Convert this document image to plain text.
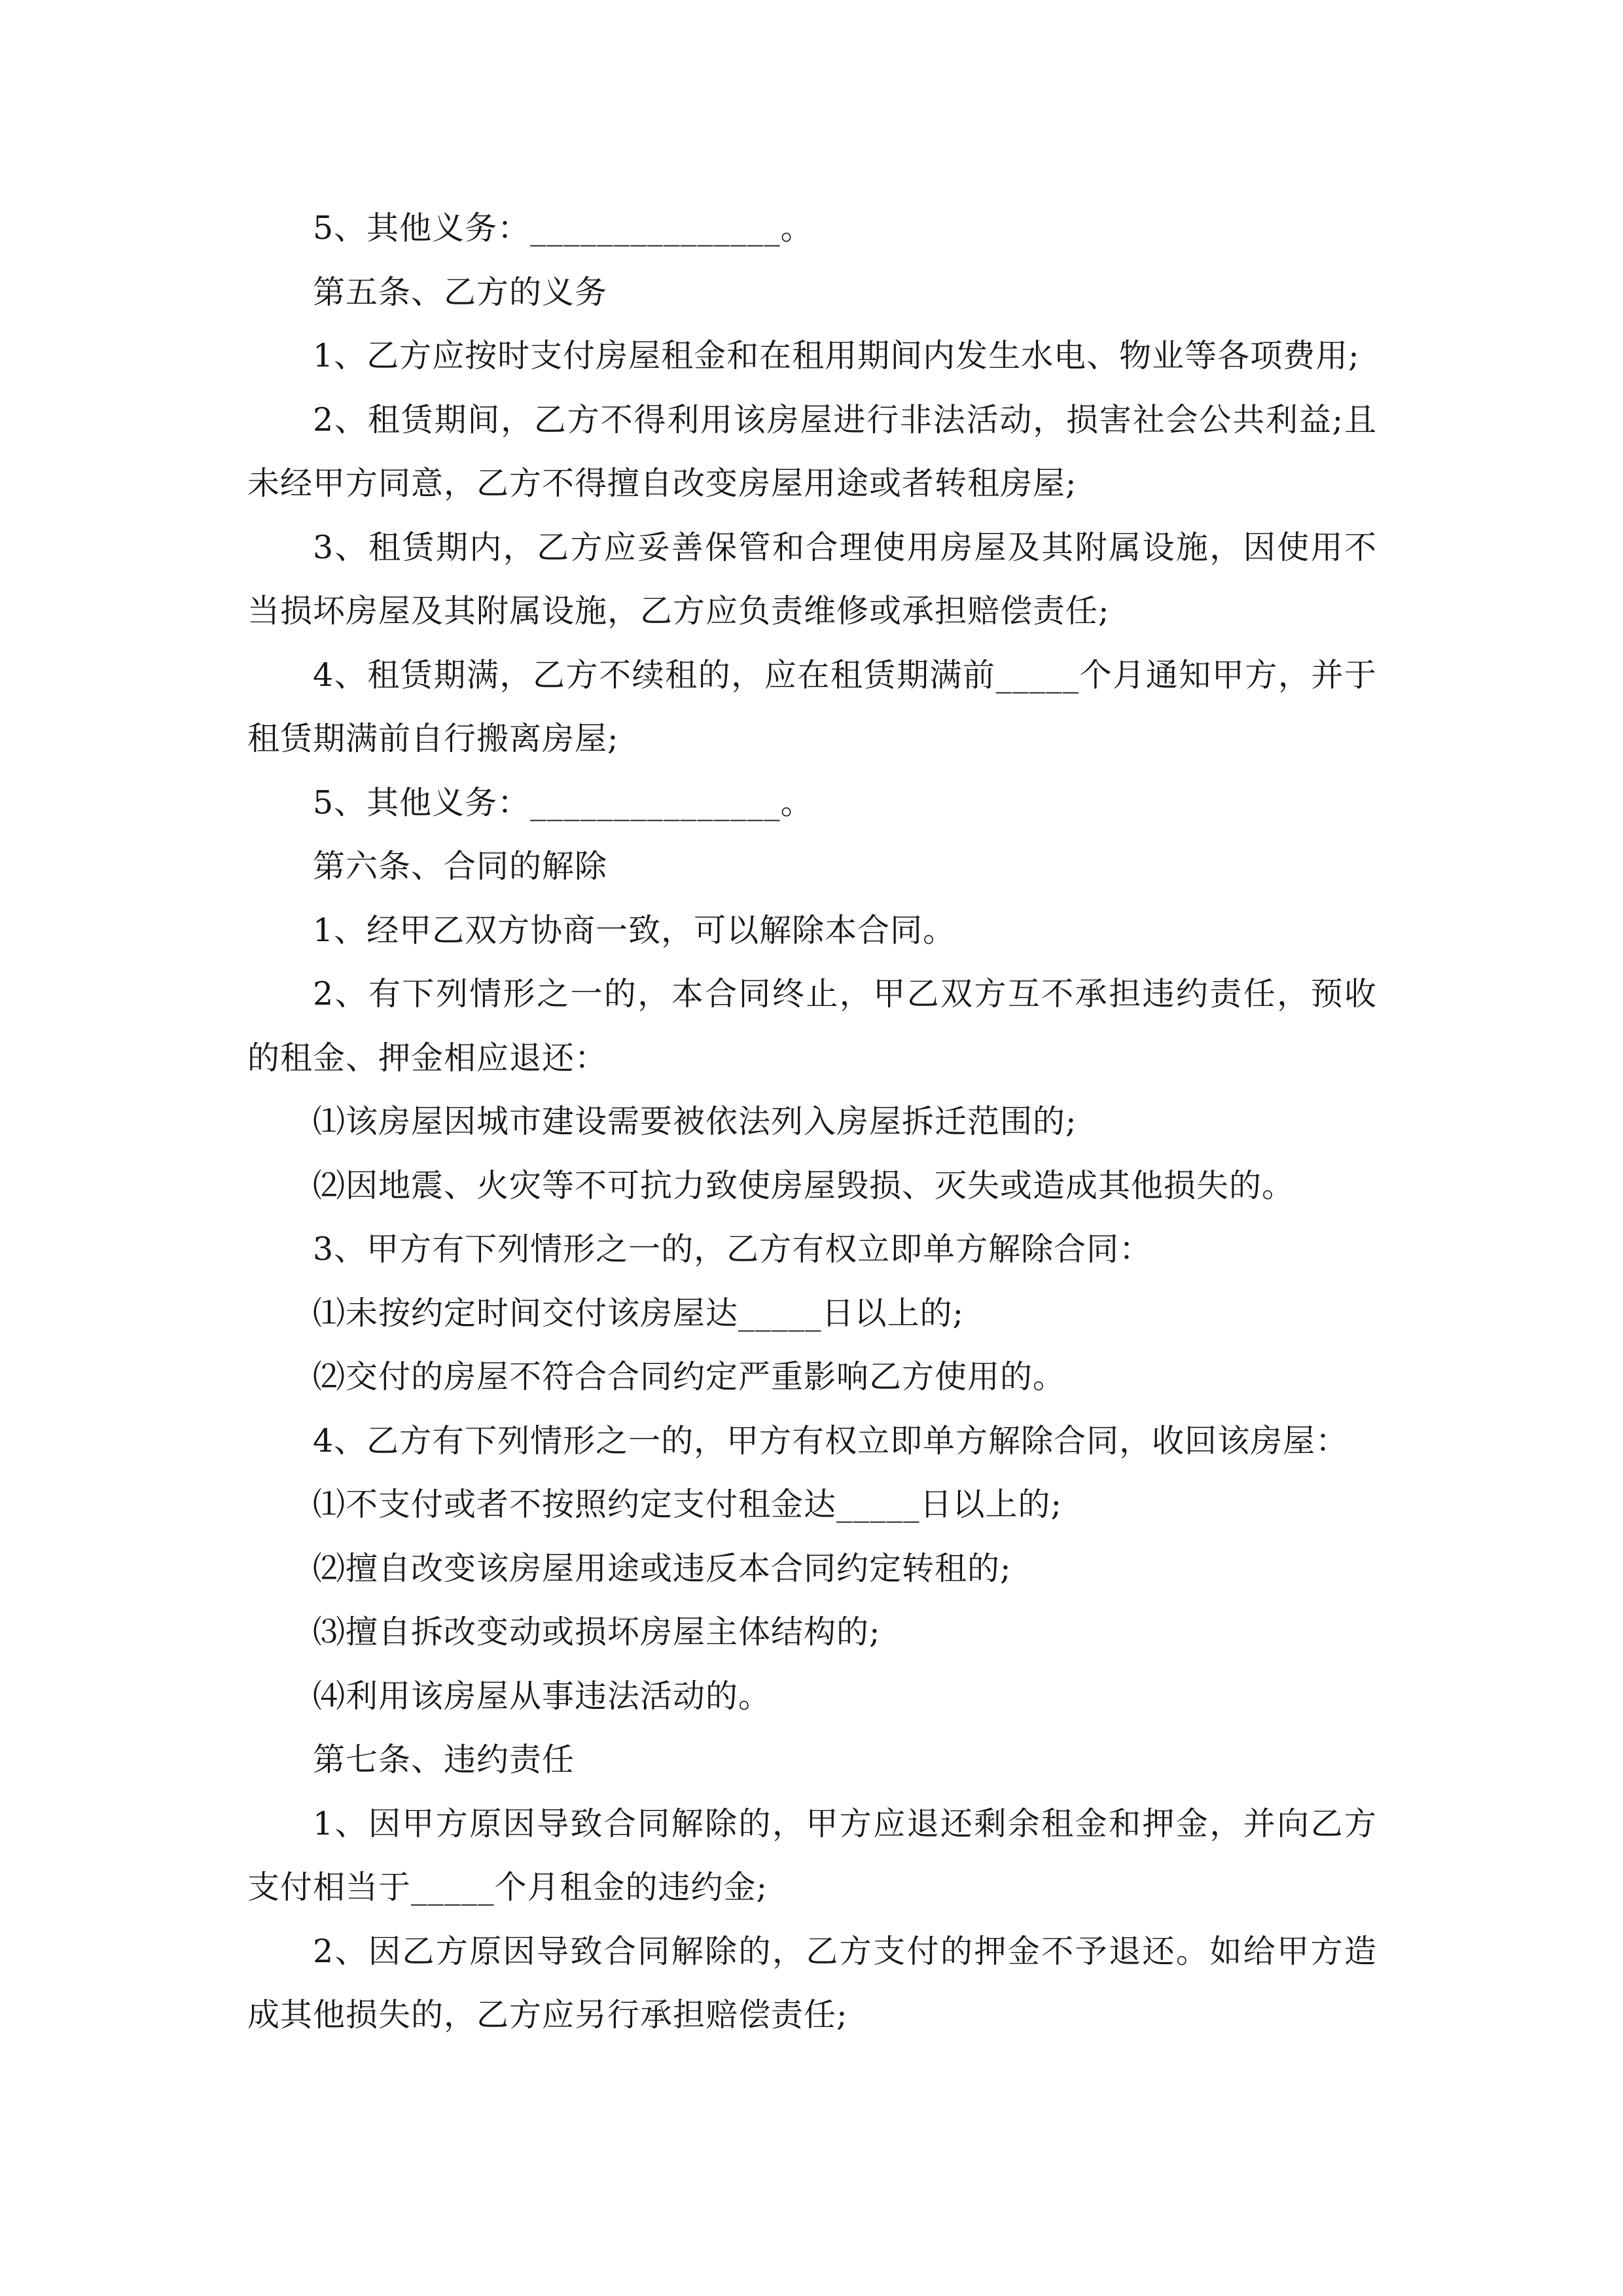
5、其他义务：_______________。

第五条、乙方的义务

1、乙方应按时支付房屋租金和在租用期间内发生水电、物业等各项费用;

2、租赁期间，乙方不得利用该房屋进行非法活动，损害社会公共利益;且未经甲方同意，乙方不得擅自改变房屋用途或者转租房屋;

3、租赁期内，乙方应妥善保管和合理使用房屋及其附属设施，因使用不当损坏房屋及其附属设施，乙方应负责维修或承担赔偿责任;

4、租赁期满，乙方不续租的，应在租赁期满前_____个月通知甲方，并于租赁期满前自行搬离房屋;

5、其他义务：_______________。

第六条、合同的解除

1、经甲乙双方协商一致，可以解除本合同。

2、有下列情形之一的，本合同终止，甲乙双方互不承担违约责任，预收的租金、押金相应退还：

⑴该房屋因城市建设需要被依法列入房屋拆迁范围的;

⑵因地震、火灾等不可抗力致使房屋毁损、灭失或造成其他损失的。

3、甲方有下列情形之一的，乙方有权立即单方解除合同：

⑴未按约定时间交付该房屋达_____日以上的;

⑵交付的房屋不符合合同约定严重影响乙方使用的。

4、乙方有下列情形之一的，甲方有权立即单方解除合同，收回该房屋：

⑴不支付或者不按照约定支付租金达_____日以上的;

⑵擅自改变该房屋用途或违反本合同约定转租的;

⑶擅自拆改变动或损坏房屋主体结构的;

⑷利用该房屋从事违法活动的。

第七条、违约责任

1、因甲方原因导致合同解除的，甲方应退还剩余租金和押金，并向乙方支付相当于_____个月租金的违约金;

2、因乙方原因导致合同解除的，乙方支付的押金不予退还。如给甲方造成其他损失的，乙方应另行承担赔偿责任;
